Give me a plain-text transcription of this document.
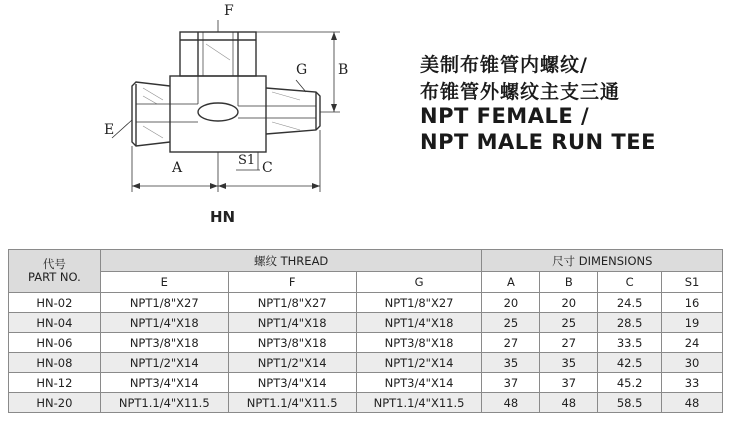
F
G B
E
A	S1 C
美制布锥管内螺纹/
布锥管外螺纹主支三通
NPT FEMALE /
NPT MALE RUN TEE
HN
代号
PART NO.	螺纹 THREAD			尺寸 DIMENSIONS			
	E	F	G	A	B	C	S1
HN-02	NPT1/8"X27	NPT1/8"X27	NPT1/8"X27	20	20	24.5	16
HN-04	NPT1/4"X18	NPT1/4"X18	NPT1/4"X18	25	25	28.5	19
HN-06	NPT3/8"X18	NPT3/8"X18	NPT3/8"X18	27	27	33.5	24
HN-08	NPT1/2"X14	NPT1/2"X14	NPT1/2"X14	35	35	42.5	30
HN-12	NPT3/4"X14	NPT3/4"X14	NPT3/4"X14	37	37	45.2	33
HN-20	NPT1.1/4"X11.5	NPT1.1/4"X11.5	NPT1.1/4"X11.5	48	48	58.5	48
